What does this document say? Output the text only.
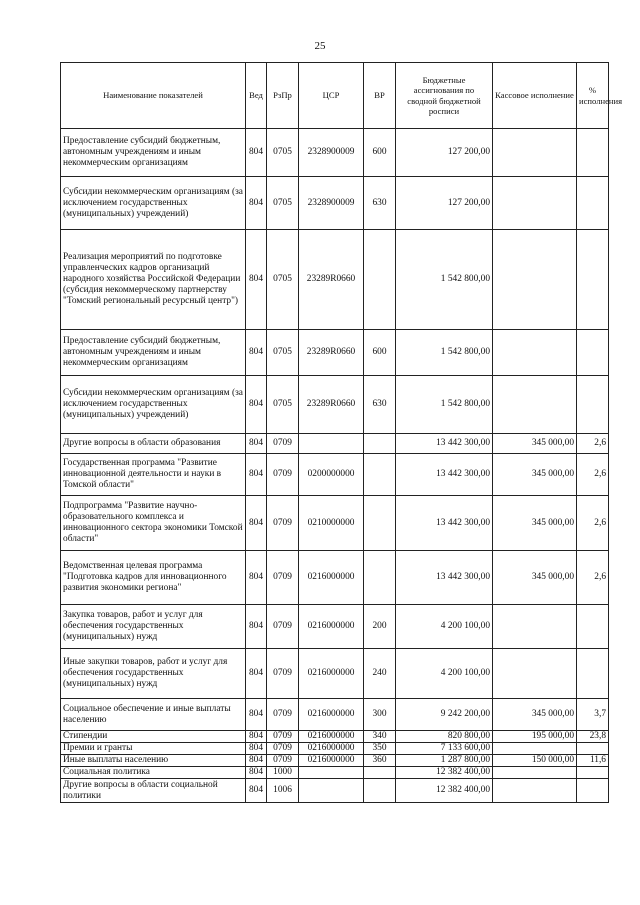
25
Наименование показателей	Вед	РзПр	ЦСР	ВР	Бюджетные ассигнования по сводной бюджетной росписи	Кассовое исполнение	% исполнения
Предоставление субсидий бюджетным, автономным учреждениям и иным некоммерческим организациям	804	0705	2328900009	600	127 200,00		
Субсидии некоммерческим организациям (за исключением государственных (муниципальных) учреждений)	804	0705	2328900009	630	127 200,00		
Реализация мероприятий по подготовке управленческих кадров организаций народного хозяйства Российской Федерации (субсидия некоммерческому партнерству "Томский региональный ресурсный центр")	804	0705	23289R0660		1 542 800,00		
Предоставление субсидий бюджетным, автономным учреждениям и иным некоммерческим организациям	804	0705	23289R0660	600	1 542 800,00		
Субсидии некоммерческим организациям (за исключением государственных (муниципальных) учреждений)	804	0705	23289R0660	630	1 542 800,00		
Другие вопросы в области образования	804	0709			13 442 300,00	345 000,00	2,6
Государственная программа "Развитие инновационной деятельности и науки в Томской области"	804	0709	0200000000		13 442 300,00	345 000,00	2,6
Подпрограмма "Развитие научно-образовательного комплекса и инновационного сектора экономики Томской области"	804	0709	0210000000		13 442 300,00	345 000,00	2,6
Ведомственная целевая программа "Подготовка кадров для инновационного развития экономики региона"	804	0709	0216000000		13 442 300,00	345 000,00	2,6
Закупка товаров, работ и услуг для обеспечения государственных (муниципальных) нужд	804	0709	0216000000	200	4 200 100,00		
Иные закупки товаров, работ и услуг для обеспечения государственных (муниципальных) нужд	804	0709	0216000000	240	4 200 100,00		
Социальное обеспечение и иные выплаты населению	804	0709	0216000000	300	9 242 200,00	345 000,00	3,7
Стипендии	804	0709	0216000000	340	820 800,00	195 000,00	23,8
Премии и гранты	804	0709	0216000000	350	7 133 600,00		
Иные выплаты населению	804	0709	0216000000	360	1 287 800,00	150 000,00	11,6
Социальная политика	804	1000			12 382 400,00		
Другие вопросы в области социальной политики	804	1006			12 382 400,00		
